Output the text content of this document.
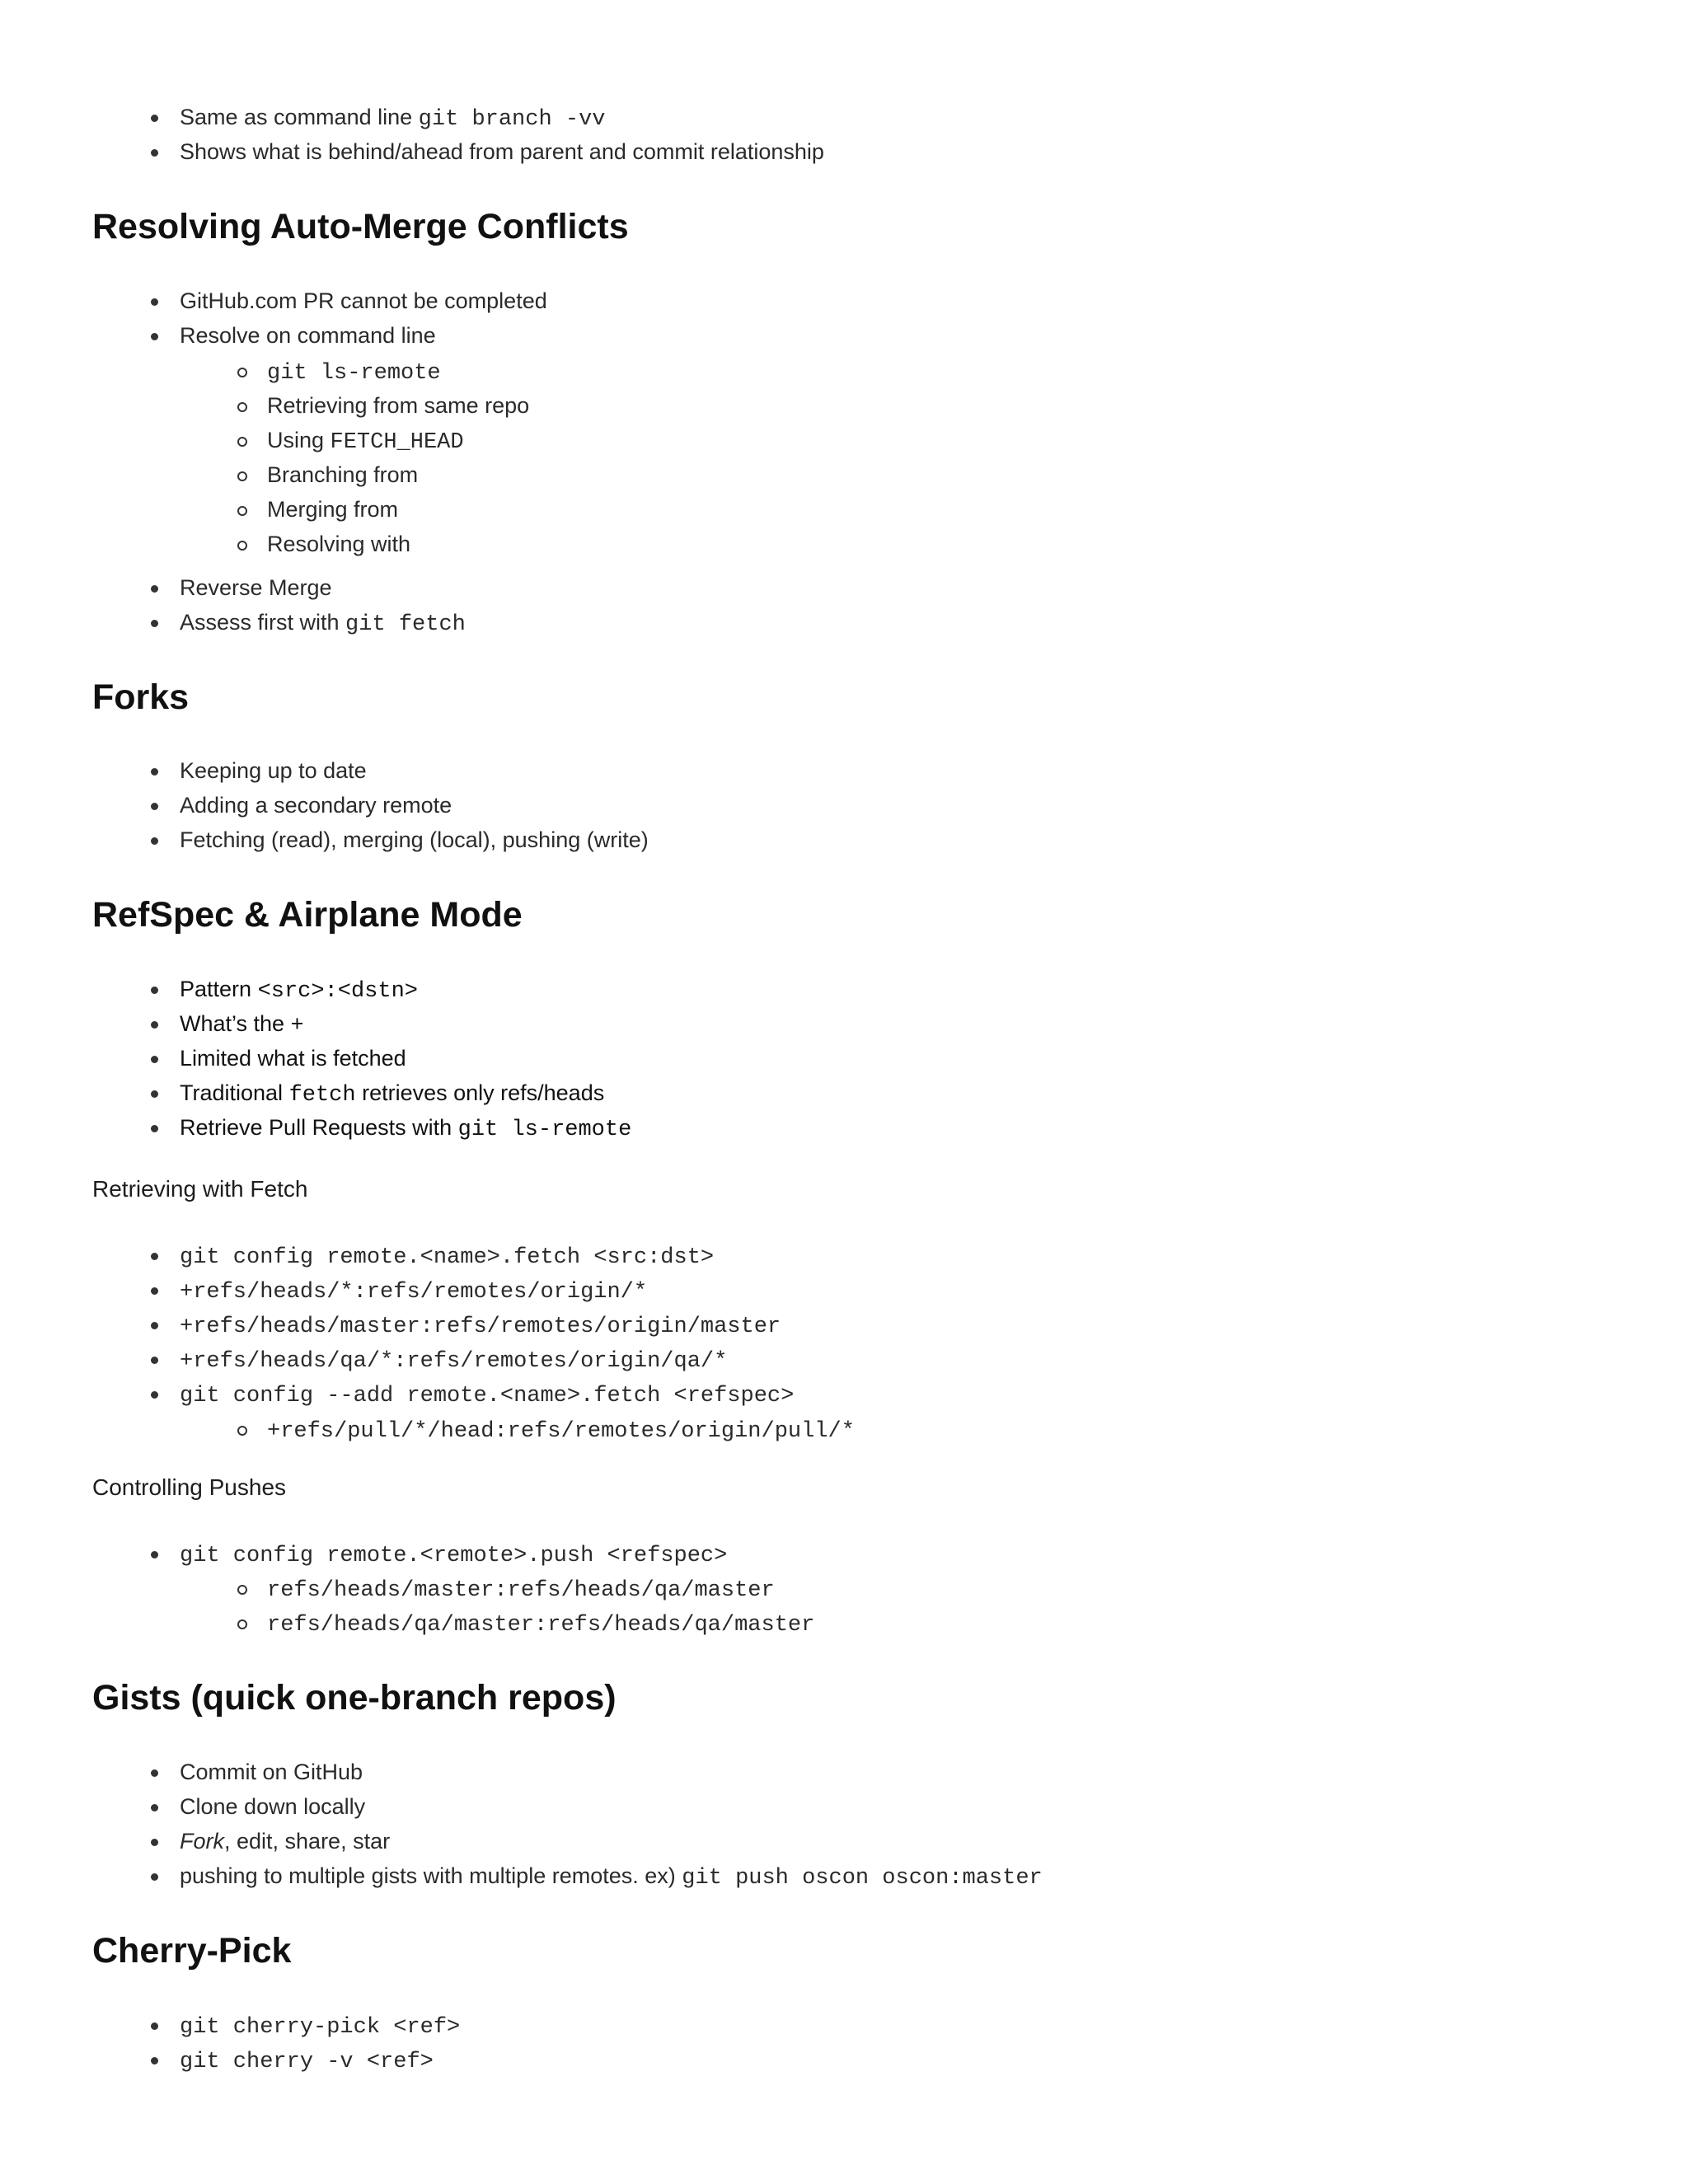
Same as command line git branch -vv
Shows what is behind/ahead from parent and commit relationship
Resolving Auto-Merge Conflicts
GitHub.com PR cannot be completed
Resolve on command line
git ls-remote
Retrieving from same repo
Using FETCH_HEAD
Branching from
Merging from
Resolving with
Reverse Merge
Assess first with git fetch
Forks
Keeping up to date
Adding a secondary remote
Fetching (read), merging (local), pushing (write)
RefSpec & Airplane Mode
Pattern <src>:<dstn>
What’s the +
Limited what is fetched
Traditional fetch retrieves only refs/heads
Retrieve Pull Requests with git ls-remote
Retrieving with Fetch
git config remote.<name>.fetch <src:dst>
+refs/heads/*:refs/remotes/origin/*
+refs/heads/master:refs/remotes/origin/master
+refs/heads/qa/*:refs/remotes/origin/qa/*
git config --add remote.<name>.fetch <refspec>
+refs/pull/*/head:refs/remotes/origin/pull/*
Controlling Pushes
git config remote.<remote>.push <refspec>
refs/heads/master:refs/heads/qa/master
refs/heads/qa/master:refs/heads/qa/master
Gists (quick one-branch repos)
Commit on GitHub
Clone down locally
Fork, edit, share, star
pushing to multiple gists with multiple remotes. ex) git push oscon oscon:master
Cherry-Pick
git cherry-pick <ref>
git cherry -v <ref>
